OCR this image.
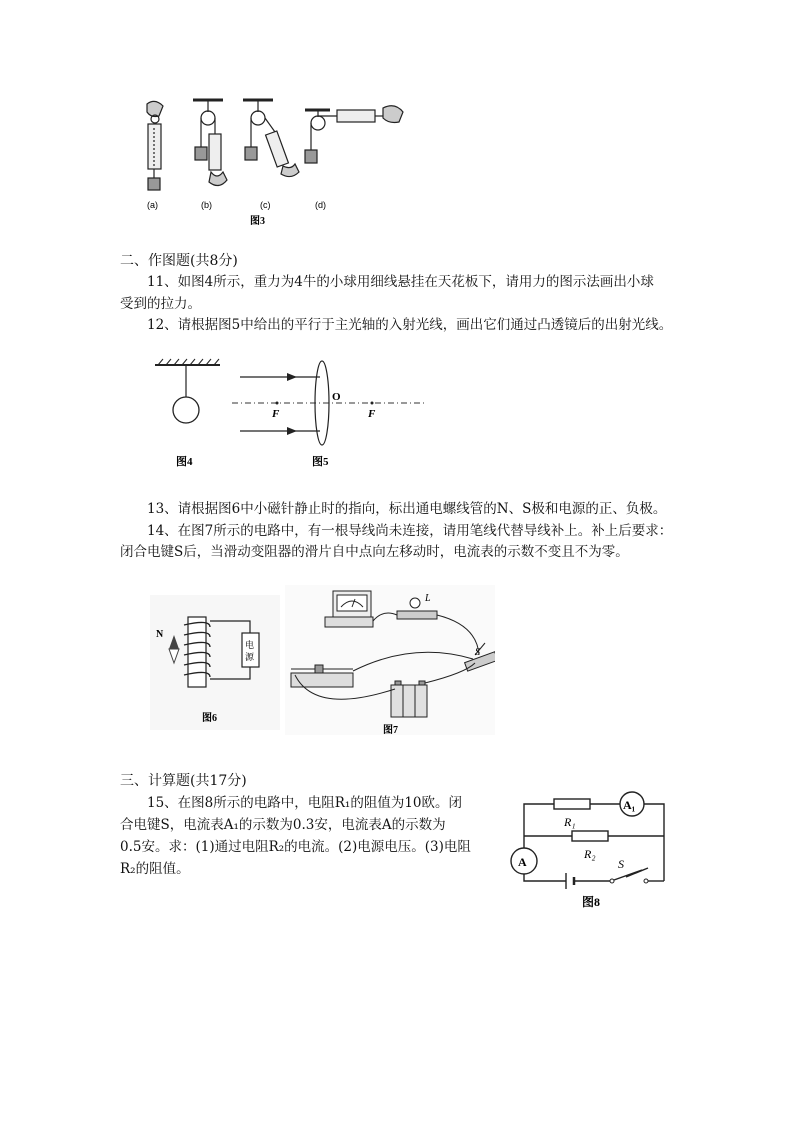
(a)	(b)	(c)	(d)
图3
二、作图题(共8分)
11、如图4所示，重力为4牛的小球用细线悬挂在天花板下，请用力的图示法画出小球
受到的拉力。
12、请根据图5中给出的平行于主光轴的入射光线，画出它们通过凸透镜后的出射光线。
图4
F	F
O
图5
13、请根据图6中小磁针静止时的指向，标出通电螺线管的N、S极和电源的正、负极。
14、在图7所示的电路中，有一根导线尚未连接，请用笔线代替导线补上。补上后要求：
闭合电键S后，当滑动变阻器的滑片自中点向左移动时，电流表的示数不变且不为零。
N
电
源
图6
L
S
图7
三、计算题(共17分)
15、在图8所示的电路中，电阻R₁的阻值为10欧。闭
合电键S，电流表A₁的示数为0.3安，电流表A的示数为
0.5安。求：(1)通过电阻R₂的电流。(2)电源电压。(3)电阻
R₂的阻值。
A₁
A
R₁
R₂
S
图8
